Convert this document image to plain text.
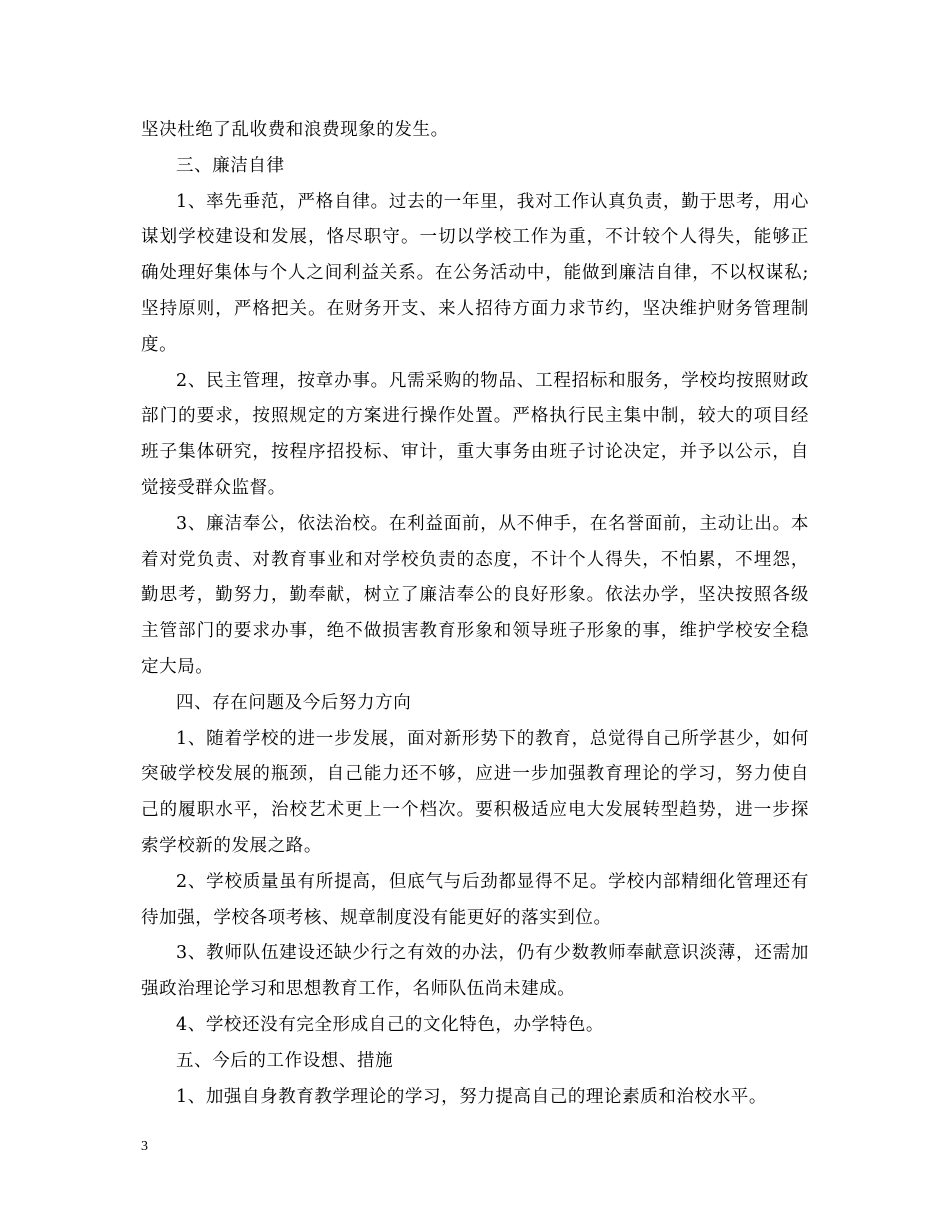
坚决杜绝了乱收费和浪费现象的发生。

三、廉洁自律

1、率先垂范，严格自律。过去的一年里，我对工作认真负责，勤于思考，用心谋划学校建设和发展，恪尽职守。一切以学校工作为重，不计较个人得失，能够正确处理好集体与个人之间利益关系。在公务活动中，能做到廉洁自律，不以权谋私;坚持原则，严格把关。在财务开支、来人招待方面力求节约，坚决维护财务管理制度。

2、民主管理，按章办事。凡需采购的物品、工程招标和服务，学校均按照财政部门的要求，按照规定的方案进行操作处置。严格执行民主集中制，较大的项目经班子集体研究，按程序招投标、审计，重大事务由班子讨论决定，并予以公示，自觉接受群众监督。

3、廉洁奉公，依法治校。在利益面前，从不伸手，在名誉面前，主动让出。本着对党负责、对教育事业和对学校负责的态度，不计个人得失，不怕累，不埋怨，勤思考，勤努力，勤奉献，树立了廉洁奉公的良好形象。依法办学，坚决按照各级主管部门的要求办事，绝不做损害教育形象和领导班子形象的事，维护学校安全稳定大局。

四、存在问题及今后努力方向

1、随着学校的进一步发展，面对新形势下的教育，总觉得自己所学甚少，如何突破学校发展的瓶颈，自己能力还不够，应进一步加强教育理论的学习，努力使自己的履职水平，治校艺术更上一个档次。要积极适应电大发展转型趋势，进一步探索学校新的发展之路。

2、学校质量虽有所提高，但底气与后劲都显得不足。学校内部精细化管理还有待加强，学校各项考核、规章制度没有能更好的落实到位。

3、教师队伍建设还缺少行之有效的办法，仍有少数教师奉献意识淡薄，还需加强政治理论学习和思想教育工作，名师队伍尚未建成。

4、学校还没有完全形成自己的文化特色，办学特色。

五、今后的工作设想、措施

1、加强自身教育教学理论的学习，努力提高自己的理论素质和治校水平。

3
